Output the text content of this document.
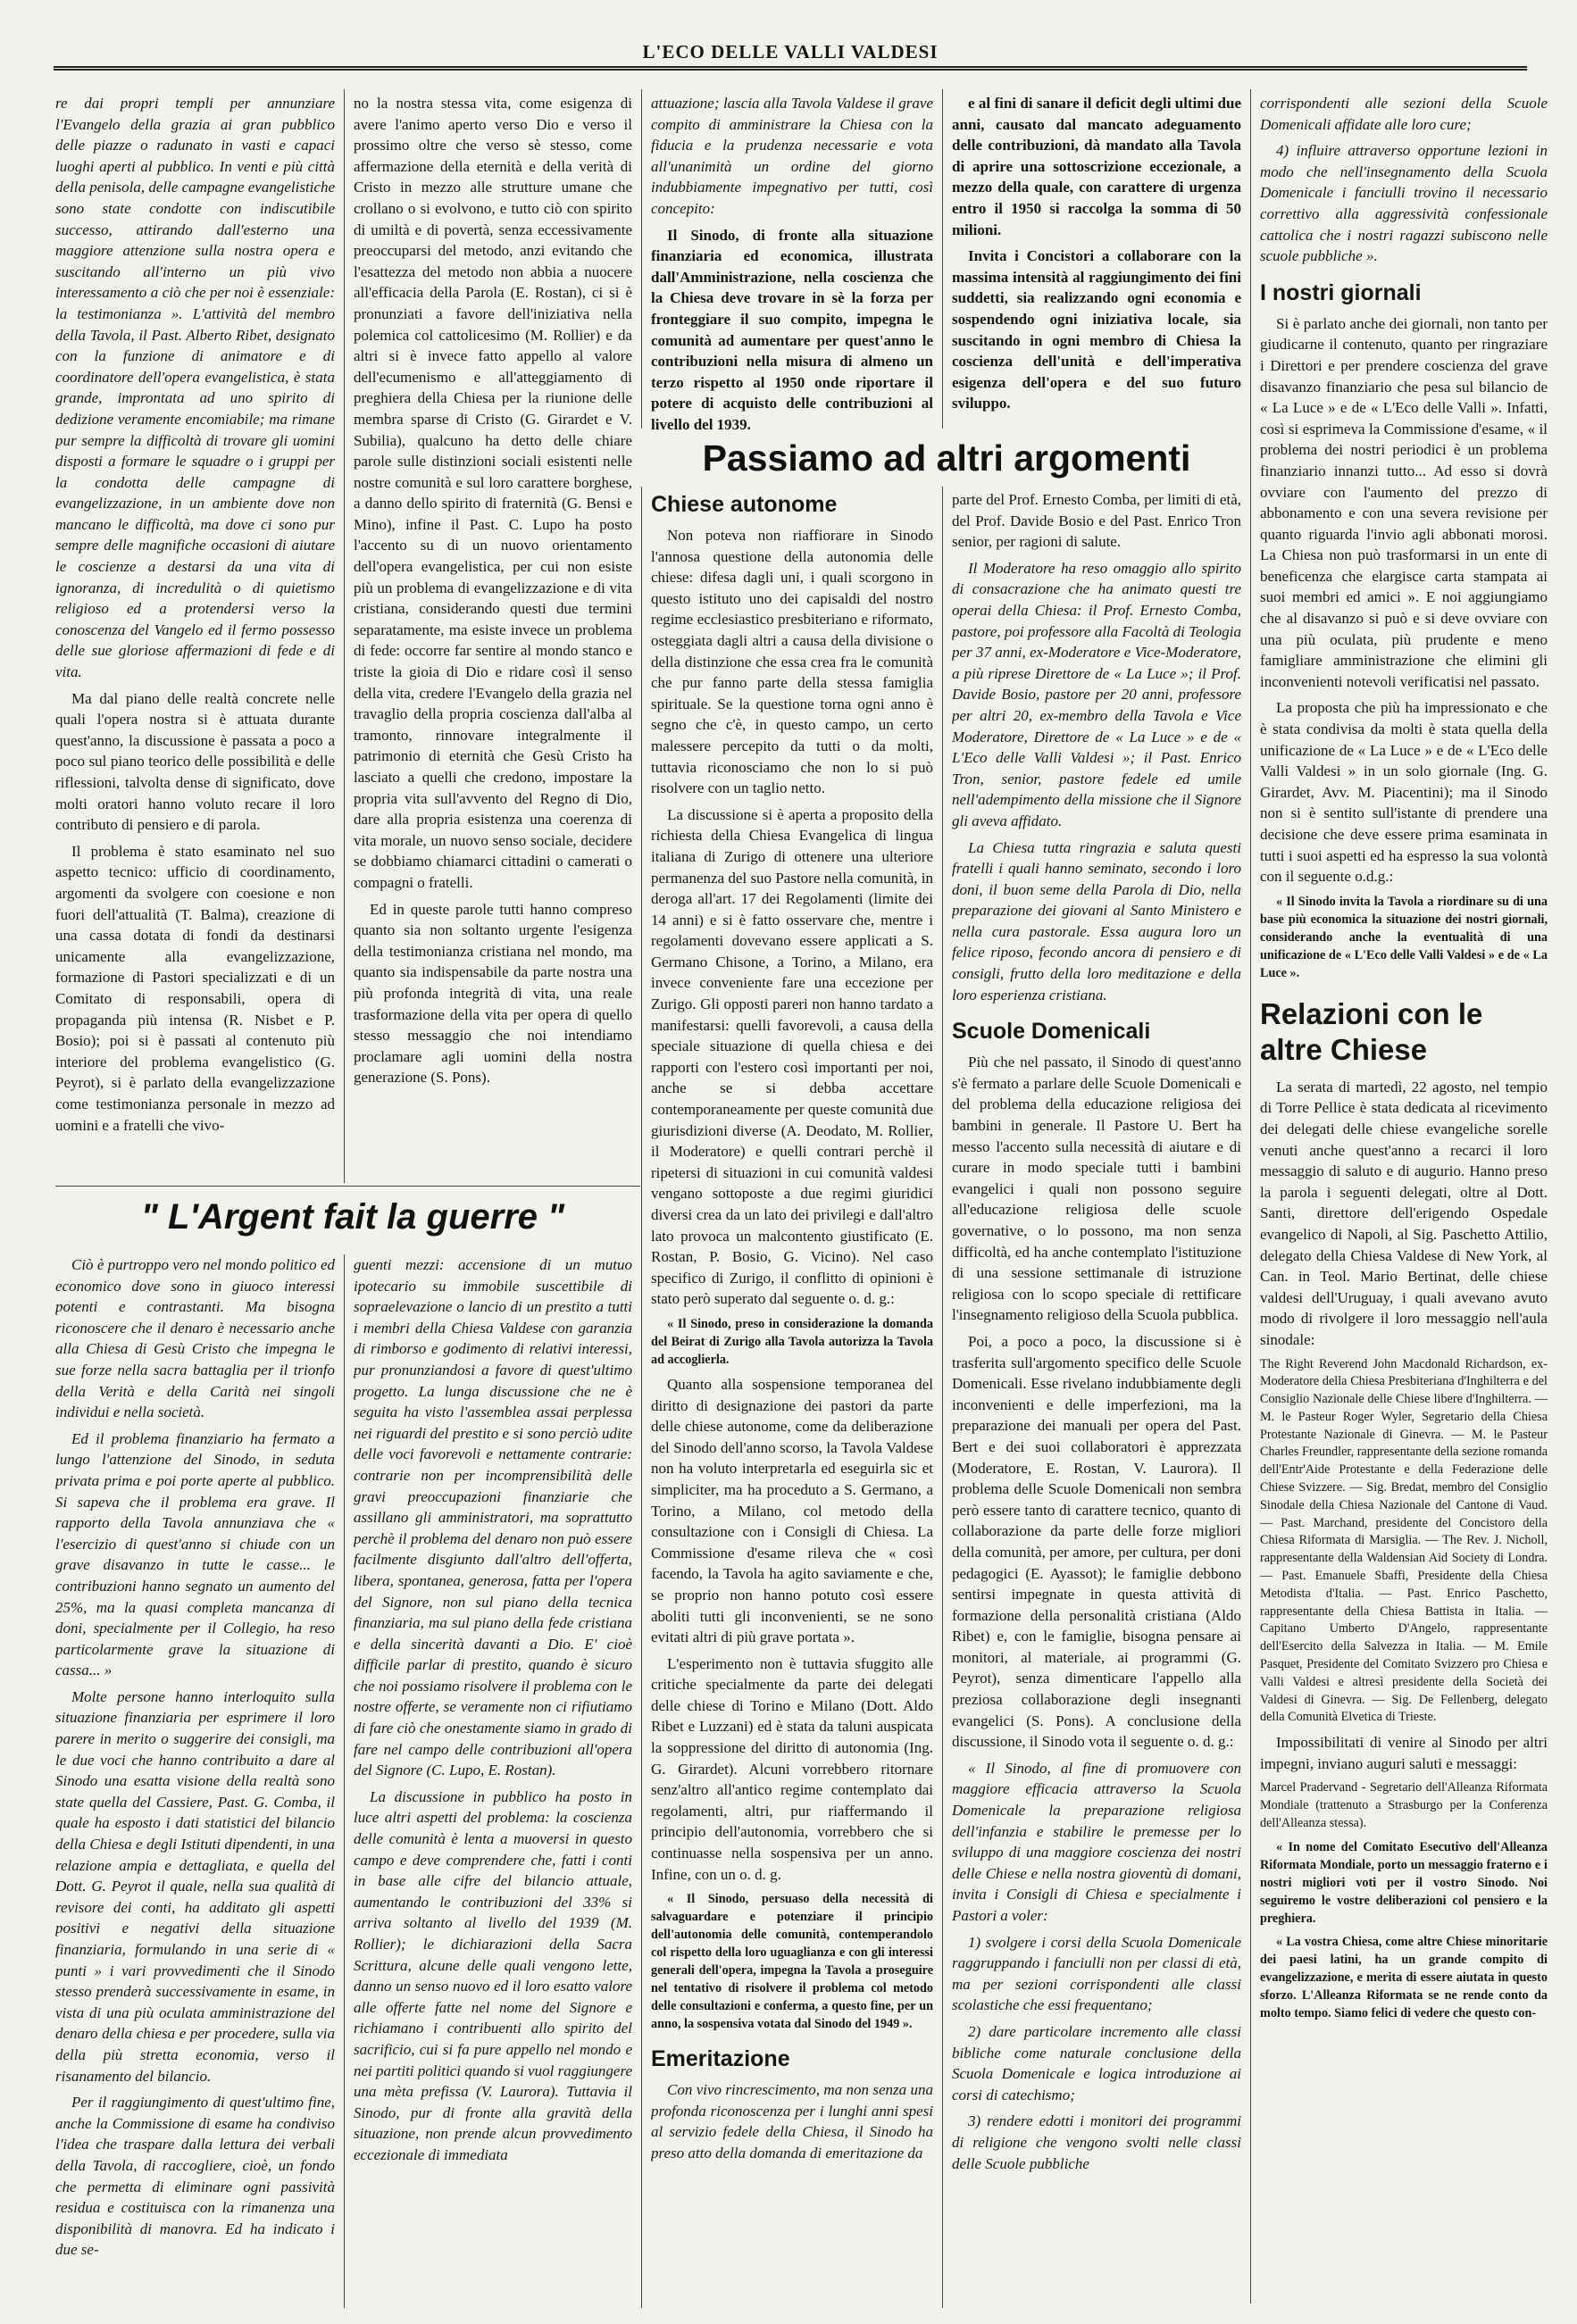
L'ECO DELLE VALLI VALDESI

re dai propri templi per annunziare l'Evangelo della grazia ai gran pubblico delle piazze o radunato in vasti e capaci luoghi aperti al pubblico. In venti e più città della penisola, delle campagne evangelistiche sono state condotte con indiscutibile successo, attirando dall'esterno una maggiore attenzione sulla nostra opera e suscitando all'interno un più vivo interessamento a ciò che per noi è essenziale: la testimonianza ». L'attività del membro della Tavola, il Past. Alberto Ribet, designato con la funzione di animatore e di coordinatore dell'opera evangelistica, è stata grande, improntata ad uno spirito di dedizione veramente encomiabile; ma rimane pur sempre la difficoltà di trovare gli uomini disposti a formare le squadre o i gruppi per la condotta delle campagne di evangelizzazione, in un ambiente dove non mancano le difficoltà, ma dove ci sono pur sempre delle magnifiche occasioni di aiutare le coscienze a destarsi da una vita di ignoranza, di incredulità o di quietismo religioso ed a protendersi verso la conoscenza del Vangelo ed il fermo possesso delle sue gloriose affermazioni di fede e di vita.

Ma dal piano delle realtà concrete nelle quali l'opera nostra si è attuata durante quest'anno, la discussione è passata a poco a poco sul piano teorico delle possibilità e delle riflessioni, talvolta dense di significato, dove molti oratori hanno voluto recare il loro contributo di pensiero e di parola.

Il problema è stato esaminato nel suo aspetto tecnico: ufficio di coordinamento, argomenti da svolgere con coesione e non fuori dell'attualità (T. Balma), creazione di una cassa dotata di fondi da destinarsi unicamente alla evangelizzazione, formazione di Pastori specializzati e di un Comitato di responsabili, opera di propaganda più intensa (R. Nisbet e P. Bosio); poi si è passati al contenuto più interiore del problema evangelistico (G. Peyrot), si è parlato della evangelizzazione come testimonianza personale in mezzo ad uomini e a fratelli che vivo-

no la nostra stessa vita, come esigenza di avere l'animo aperto verso Dio e verso il prossimo oltre che verso sè stesso, come affermazione della eternità e della verità di Cristo in mezzo alle strutture umane che crollano o si evolvono, e tutto ciò con spirito di umiltà e di povertà, senza eccessivamente preoccuparsi del metodo, anzi evitando che l'esattezza del metodo non abbia a nuocere all'efficacia della Parola (E. Rostan), ci si è pronunziati a favore dell'iniziativa nella polemica col cattolicesimo (M. Rollier) e da altri si è invece fatto appello al valore dell'ecumenismo e all'atteggiamento di preghiera della Chiesa per la riunione delle membra sparse di Cristo (G. Girardet e V. Subilia), qualcuno ha detto delle chiare parole sulle distinzioni sociali esistenti nelle nostre comunità e sul loro carattere borghese, a danno dello spirito di fraternità (G. Bensi e Mino), infine il Past. C. Lupo ha posto l'accento su di un nuovo orientamento dell'opera evangelistica, per cui non esiste più un problema di evangelizzazione e di vita cristiana, considerando questi due termini separatamente, ma esiste invece un problema di fede: occorre far sentire al mondo stanco e triste la gioia di Dio e ridare così il senso della vita, credere l'Evangelo della grazia nel travaglio della propria coscienza dall'alba al tramonto, rinnovare integralmente il patrimonio di eternità che Gesù Cristo ha lasciato a quelli che credono, impostare la propria vita sull'avvento del Regno di Dio, dare alla propria esistenza una coerenza di vita morale, un nuovo senso sociale, decidere se dobbiamo chiamarci cittadini o camerati o compagni o fratelli.

Ed in queste parole tutti hanno compreso quanto sia non soltanto urgente l'esigenza della testimonianza cristiana nel mondo, ma quanto sia indispensabile da parte nostra una più profonda integrità di vita, una reale trasformazione della vita per opera di quello stesso messaggio che noi intendiamo proclamare agli uomini della nostra generazione (S. Pons).

attuazione; lascia alla Tavola Valdese il grave compito di amministrare la Chiesa con la fiducia e la prudenza necessarie e vota all'unanimità un ordine del giorno indubbiamente impegnativo per tutti, così concepito:

Il Sinodo, di fronte alla situazione finanziaria ed economica, illustrata dall'Amministrazione, nella coscienza che la Chiesa deve trovare in sè la forza per fronteggiare il suo compito, impegna le comunità ad aumentare per quest'anno le contribuzioni nella misura di almeno un terzo rispetto al 1950 onde riportare il potere di acquisto delle contribuzioni al livello del 1939.

e al fini di sanare il deficit degli ultimi due anni, causato dal mancato adeguamento delle contribuzioni, dà mandato alla Tavola di aprire una sottoscrizione eccezionale, a mezzo della quale, con carattere di urgenza entro il 1950 si raccolga la somma di 50 milioni.

Invita i Concistori a collaborare con la massima intensità al raggiungimento dei fini suddetti, sia realizzando ogni economia e sospendendo ogni iniziativa locale, sia suscitando in ogni membro di Chiesa la coscienza dell'unità e dell'imperativa esigenza dell'opera e del suo futuro sviluppo.

Passiamo ad altri argomenti
Chiese autonome

Non poteva non riaffiorare in Sinodo l'annosa questione della autonomia delle chiese: difesa dagli uni, i quali scorgono in questo istituto uno dei capisaldi del nostro regime ecclesiastico presbiteriano e riformato, osteggiata dagli altri a causa della divisione o della distinzione che essa crea fra le comunità che pur fanno parte della stessa famiglia spirituale. Se la questione torna ogni anno è segno che c'è, in questo campo, un certo malessere percepito da tutti o da molti, tuttavia riconosciamo che non lo si può risolvere con un taglio netto.

La discussione si è aperta a proposito della richiesta della Chiesa Evangelica di lingua italiana di Zurigo di ottenere una ulteriore permanenza del suo Pastore nella comunità, in deroga all'art. 17 dei Regolamenti (limite dei 14 anni) e si è fatto osservare che, mentre i regolamenti dovevano essere applicati a S. Germano Chisone, a Torino, a Milano, era invece conveniente fare una eccezione per Zurigo. Gli opposti pareri non hanno tardato a manifestarsi: quelli favorevoli, a causa della speciale situazione di quella chiesa e dei rapporti con l'estero così importanti per noi, anche se si debba accettare contemporaneamente per queste comunità due giurisdizioni diverse (A. Deodato, M. Rollier, il Moderatore) e quelli contrari perchè il ripetersi di situazioni in cui comunità valdesi vengano sottoposte a due regimi giuridici diversi crea da un lato dei privilegi e dall'altro lato provoca un malcontento giustificato (E. Rostan, P. Bosio, G. Vicino). Nel caso specifico di Zurigo, il conflitto di opinioni è stato però superato dal seguente o. d. g.:

« Il Sinodo, preso in considerazione la domanda del Beirat di Zurigo alla Tavola autorizza la Tavola ad accoglierla.

Quanto alla sospensione temporanea del diritto di designazione dei pastori da parte delle chiese autonome, come da deliberazione del Sinodo dell'anno scorso, la Tavola Valdese non ha voluto interpretarla ed eseguirla sic et simpliciter, ma ha proceduto a S. Germano, a Torino, a Milano, col metodo della consultazione con i Consigli di Chiesa. La Commissione d'esame rileva che « così facendo, la Tavola ha agito saviamente e che, se proprio non hanno potuto così essere aboliti tutti gli inconvenienti, se ne sono evitati altri di più grave portata ».

L'esperimento non è tuttavia sfuggito alle critiche specialmente da parte dei delegati delle chiese di Torino e Milano (Dott. Aldo Ribet e Luzzani) ed è stata da taluni auspicata la soppressione del diritto di autonomia (Ing. G. Girardet). Alcuni vorrebbero ritornare senz'altro all'antico regime contemplato dai regolamenti, altri, pur riaffermando il principio dell'autonomia, vorrebbero che si continuasse nella sospensiva per un anno. Infine, con un o. d. g.

« Il Sinodo, persuaso della necessità di salvaguardare e potenziare il principio dell'autonomia delle comunità, contemperandolo col rispetto della loro uguaglianza e con gli interessi generali dell'opera, impegna la Tavola a proseguire nel tentativo di risolvere il problema col metodo delle consultazioni e conferma, a questo fine, per un anno, la sospensiva votata dal Sinodo del 1949 ».

Emeritazione

Con vivo rincrescimento, ma non senza una profonda riconoscenza per i lunghi anni spesi al servizio fedele della Chiesa, il Sinodo ha preso atto della domanda di emeritazione da

parte del Prof. Ernesto Comba, per limiti di età, del Prof. Davide Bosio e del Past. Enrico Tron senior, per ragioni di salute.

Il Moderatore ha reso omaggio allo spirito di consacrazione che ha animato questi tre operai della Chiesa: il Prof. Ernesto Comba, pastore, poi professore alla Facoltà di Teologia per 37 anni, ex-Moderatore e Vice-Moderatore, a più riprese Direttore de « La Luce »; il Prof. Davide Bosio, pastore per 20 anni, professore per altri 20, ex-membro della Tavola e Vice Moderatore, Direttore de « La Luce » e de « L'Eco delle Valli Valdesi »; il Past. Enrico Tron, senior, pastore fedele ed umile nell'adempimento della missione che il Signore gli aveva affidato.

La Chiesa tutta ringrazia e saluta questi fratelli i quali hanno seminato, secondo i loro doni, il buon seme della Parola di Dio, nella preparazione dei giovani al Santo Ministero e nella cura pastorale. Essa augura loro un felice riposo, fecondo ancora di pensiero e di consigli, frutto della loro meditazione e della loro esperienza cristiana.

Scuole Domenicali

Più che nel passato, il Sinodo di quest'anno s'è fermato a parlare delle Scuole Domenicali e del problema della educazione religiosa dei bambini in generale. Il Pastore U. Bert ha messo l'accento sulla necessità di aiutare e di curare in modo speciale tutti i bambini evangelici i quali non possono seguire all'educazione religiosa delle scuole governative, o lo possono, ma non senza difficoltà, ed ha anche contemplato l'istituzione di una sessione settimanale di istruzione religiosa con lo scopo speciale di rettificare l'insegnamento religioso della Scuola pubblica.

Poi, a poco a poco, la discussione si è trasferita sull'argomento specifico delle Scuole Domenicali. Esse rivelano indubbiamente degli inconvenienti e delle imperfezioni, ma la preparazione dei manuali per opera del Past. Bert e dei suoi collaboratori è apprezzata (Moderatore, E. Rostan, V. Laurora). Il problema delle Scuole Domenicali non sembra però essere tanto di carattere tecnico, quanto di collaborazione da parte delle forze migliori della comunità, per amore, per cultura, per doni pedagogici (E. Ayassot); le famiglie debbono sentirsi impegnate in questa attività di formazione della personalità cristiana (Aldo Ribet) e, con le famiglie, bisogna pensare ai monitori, al materiale, ai programmi (G. Peyrot), senza dimenticare l'appello alla preziosa collaborazione degli insegnanti evangelici (S. Pons). A conclusione della discussione, il Sinodo vota il seguente o. d. g.:

« Il Sinodo, al fine di promuovere con maggiore efficacia attraverso la Scuola Domenicale la preparazione religiosa dell'infanzia e stabilire le premesse per lo sviluppo di una maggiore coscienza dei nostri delle Chiese e nella nostra gioventù di domani, invita i Consigli di Chiesa e specialmente i Pastori a voler:

1) svolgere i corsi della Scuola Domenicale raggruppando i fanciulli non per classi di età, ma per sezioni corrispondenti alle classi scolastiche che essi frequentano;

2) dare particolare incremento alle classi bibliche come naturale conclusione della Scuola Domenicale e logica introduzione ai corsi di catechismo;

3) rendere edotti i monitori dei programmi di religione che vengono svolti nelle classi delle Scuole pubbliche

corrispondenti alle sezioni della Scuole Domenicali affidate alle loro cure;

4) influire attraverso opportune lezioni in modo che nell'insegnamento della Scuola Domenicale i fanciulli trovino il necessario correttivo alla aggressività confessionale cattolica che i nostri ragazzi subiscono nelle scuole pubbliche ».

I nostri giornali

Si è parlato anche dei giornali, non tanto per giudicarne il contenuto, quanto per ringraziare i Direttori e per prendere coscienza del grave disavanzo finanziario che pesa sul bilancio de « La Luce » e de « L'Eco delle Valli ». Infatti, così si esprimeva la Commissione d'esame, « il problema dei nostri periodici è un problema finanziario innanzi tutto... Ad esso si dovrà ovviare con l'aumento del prezzo di abbonamento e con una severa revisione per quanto riguarda l'invio agli abbonati morosi. La Chiesa non può trasformarsi in un ente di beneficenza che elargisce carta stampata ai suoi membri ed amici ». E noi aggiungiamo che al disavanzo si può e si deve ovviare con una più oculata, più prudente e meno famigliare amministrazione che elimini gli inconvenienti notevoli verificatisi nel passato.

La proposta che più ha impressionato e che è stata condivisa da molti è stata quella della unificazione de « La Luce » e de « L'Eco delle Valli Valdesi » in un solo giornale (Ing. G. Girardet, Avv. M. Piacentini); ma il Sinodo non si è sentito sull'istante di prendere una decisione che deve essere prima esaminata in tutti i suoi aspetti ed ha espresso la sua volontà con il seguente o.d.g.:

« Il Sinodo invita la Tavola a riordinare su di una base più economica la situazione dei nostri giornali, considerando anche la eventualità di una unificazione de « L'Eco delle Valli Valdesi » e de « La Luce ».

Relazioni con le altre Chiese

La serata di martedì, 22 agosto, nel tempio di Torre Pellice è stata dedicata al ricevimento dei delegati delle chiese evangeliche sorelle venuti anche quest'anno a recarci il loro messaggio di saluto e di augurio. Hanno preso la parola i seguenti delegati, oltre al Dott. Santi, direttore dell'erigendo Ospedale evangelico di Napoli, al Sig. Paschetto Attilio, delegato della Chiesa Valdese di New York, al Can. in Teol. Mario Bertinat, delle chiese valdesi dell'Uruguay, i quali avevano avuto modo di rivolgere il loro messaggio nell'aula sinodale:

The Right Reverend John Macdonald Richardson, ex-Moderatore della Chiesa Presbiteriana d'Inghilterra e del Consiglio Nazionale delle Chiese libere d'Inghilterra. — M. le Pasteur Roger Wyler, Segretario della Chiesa Protestante Nazionale di Ginevra. — M. le Pasteur Charles Freundler, rappresentante della sezione romanda dell'Entr'Aide Protestante e della Federazione delle Chiese Svizzere. — Sig. Bredat, membro del Consiglio Sinodale della Chiesa Nazionale del Cantone di Vaud. — Past. Marchand, presidente del Concistoro della Chiesa Riformata di Marsiglia. — The Rev. J. Nicholl, rappresentante della Waldensian Aid Society di Londra. — Past. Emanuele Sbaffi, Presidente della Chiesa Metodista d'Italia. — Past. Enrico Paschetto, rappresentante della Chiesa Battista in Italia. — Capitano Umberto D'Angelo, rappresentante dell'Esercito della Salvezza in Italia. — M. Emile Pasquet, Presidente del Comitato Svizzero pro Chiesa e Valli Valdesi e altresì presidente della Società dei Valdesi di Ginevra. — Sig. De Fellenberg, delegato della Comunità Elvetica di Trieste.

Impossibilitati di venire al Sinodo per altri impegni, inviano auguri saluti e messaggi:

Marcel Pradervand - Segretario dell'Alleanza Riformata Mondiale (trattenuto a Strasburgo per la Conferenza dell'Alleanza stessa).

« In nome del Comitato Esecutivo dell'Alleanza Riformata Mondiale, porto un messaggio fraterno e i nostri migliori voti per il vostro Sinodo. Noi seguiremo le vostre deliberazioni col pensiero e la preghiera.

« La vostra Chiesa, come altre Chiese minoritarie dei paesi latini, ha un grande compito di evangelizzazione, e merita di essere aiutata in questo sforzo. L'Alleanza Riformata se ne rende conto da molto tempo. Siamo felici di vedere che questo con-

" L'Argent fait la guerre "

Ciò è purtroppo vero nel mondo politico ed economico dove sono in giuoco interessi potenti e contrastanti. Ma bisogna riconoscere che il denaro è necessario anche alla Chiesa di Gesù Cristo che impegna le sue forze nella sacra battaglia per il trionfo della Verità e della Carità nei singoli individui e nella società.

Ed il problema finanziario ha fermato a lungo l'attenzione del Sinodo, in seduta privata prima e poi porte aperte al pubblico. Si sapeva che il problema era grave. Il rapporto della Tavola annunziava che « l'esercizio di quest'anno si chiude con un grave disavanzo in tutte le casse... le contribuzioni hanno segnato un aumento del 25%, ma la quasi completa mancanza di doni, specialmente per il Collegio, ha reso particolarmente grave la situazione di cassa... »

Molte persone hanno interloquito sulla situazione finanziaria per esprimere il loro parere in merito o suggerire dei consigli, ma le due voci che hanno contribuito a dare al Sinodo una esatta visione della realtà sono state quella del Cassiere, Past. G. Comba, il quale ha esposto i dati statistici del bilancio della Chiesa e degli Istituti dipendenti, in una relazione ampia e dettagliata, e quella del Dott. G. Peyrot il quale, nella sua qualità di revisore dei conti, ha additato gli aspetti positivi e negativi della situazione finanziaria, formulando in una serie di « punti » i vari provvedimenti che il Sinodo stesso prenderà successivamente in esame, in vista di una più oculata amministrazione del denaro della chiesa e per procedere, sulla via della più stretta economia, verso il risanamento del bilancio.

Per il raggiungimento di quest'ultimo fine, anche la Commissione di esame ha condiviso l'idea che traspare dalla lettura dei verbali della Tavola, di raccogliere, cioè, un fondo che permetta di eliminare ogni passività residua e costituisca con la rimanenza una disponibilità di manovra. Ed ha indicato i due se-

guenti mezzi: accensione di un mutuo ipotecario su immobile suscettibile di sopraelevazione o lancio di un prestito a tutti i membri della Chiesa Valdese con garanzia di rimborso e godimento di relativi interessi, pur pronunziandosi a favore di quest'ultimo progetto. La lunga discussione che ne è seguita ha visto l'assemblea assai perplessa nei riguardi del prestito e si sono perciò udite delle voci favorevoli e nettamente contrarie: contrarie non per incomprensibilità delle gravi preoccupazioni finanziarie che assillano gli amministratori, ma soprattutto perchè il problema del denaro non può essere facilmente disgiunto dall'altro dell'offerta, libera, spontanea, generosa, fatta per l'opera del Signore, non sul piano della tecnica finanziaria, ma sul piano della fede cristiana e della sincerità davanti a Dio. E' cioè difficile parlar di prestito, quando è sicuro che noi possiamo risolvere il problema con le nostre offerte, se veramente non ci rifiutiamo di fare ciò che onestamente siamo in grado di fare nel campo delle contribuzioni all'opera del Signore (C. Lupo, E. Rostan).

La discussione in pubblico ha posto in luce altri aspetti del problema: la coscienza delle comunità è lenta a muoversi in questo campo e deve comprendere che, fatti i conti in base alle cifre del bilancio attuale, aumentando le contribuzioni del 33% si arriva soltanto al livello del 1939 (M. Rollier); le dichiarazioni della Sacra Scrittura, alcune delle quali vengono lette, danno un senso nuovo ed il loro esatto valore alle offerte fatte nel nome del Signore e richiamano i contribuenti allo spirito del sacrificio, cui si fa pure appello nel mondo e nei partiti politici quando si vuol raggiungere una mèta prefissa (V. Laurora). Tuttavia il Sinodo, pur di fronte alla gravità della situazione, non prende alcun provvedimento eccezionale di immediata
